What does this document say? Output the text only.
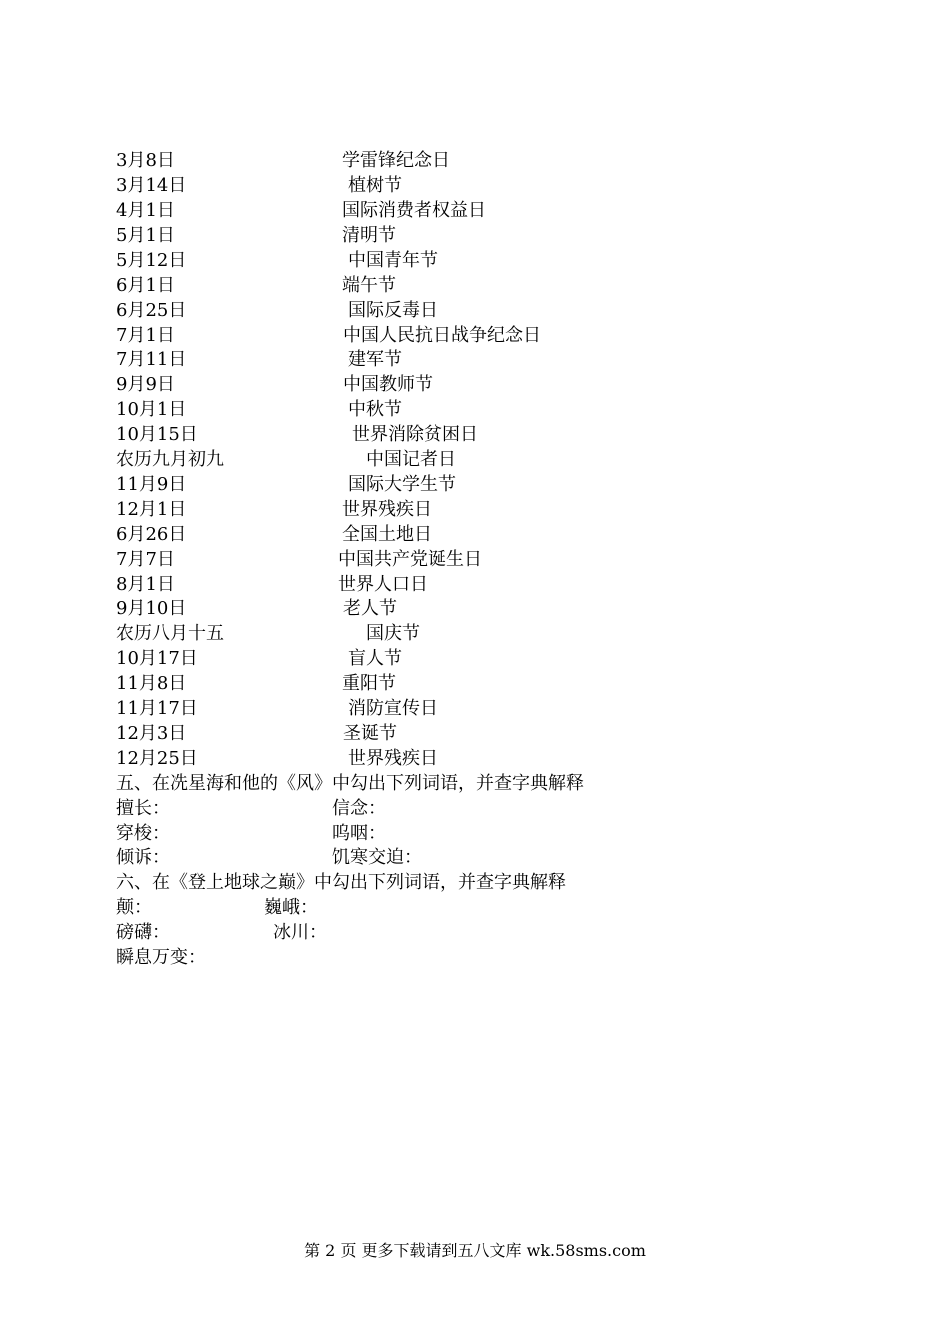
3月8日	学雷锋纪念日
3月14日	植树节
4月1日	国际消费者权益日
5月1日	清明节
5月12日	中国青年节
6月1日	端午节
6月25日	国际反毒日
7月1日	中国人民抗日战争纪念日
7月11日	建军节
9月9日	中国教师节
10月1日	中秋节
10月15日	世界消除贫困日
农历九月初九	中国记者日
11月9日	国际大学生节
12月1日	世界残疾日
6月26日	全国土地日
7月7日	中国共产党诞生日
8月1日	世界人口日
9月10日	老人节
农历八月十五	国庆节
10月17日	盲人节
11月8日	重阳节
11月17日	消防宣传日
12月3日	圣诞节
12月25日	世界残疾日
五、在冼星海和他的《风》中勾出下列词语，并查字典解释
擅长：	信念：
穿梭：	呜咽：
倾诉：	饥寒交迫：
六、在《登上地球之巅》中勾出下列词语，并查字典解释
颠：	巍峨：
磅礴：	冰川：
瞬息万变：
第 2 页 更多下载请到五八文库 wk.58sms.com
